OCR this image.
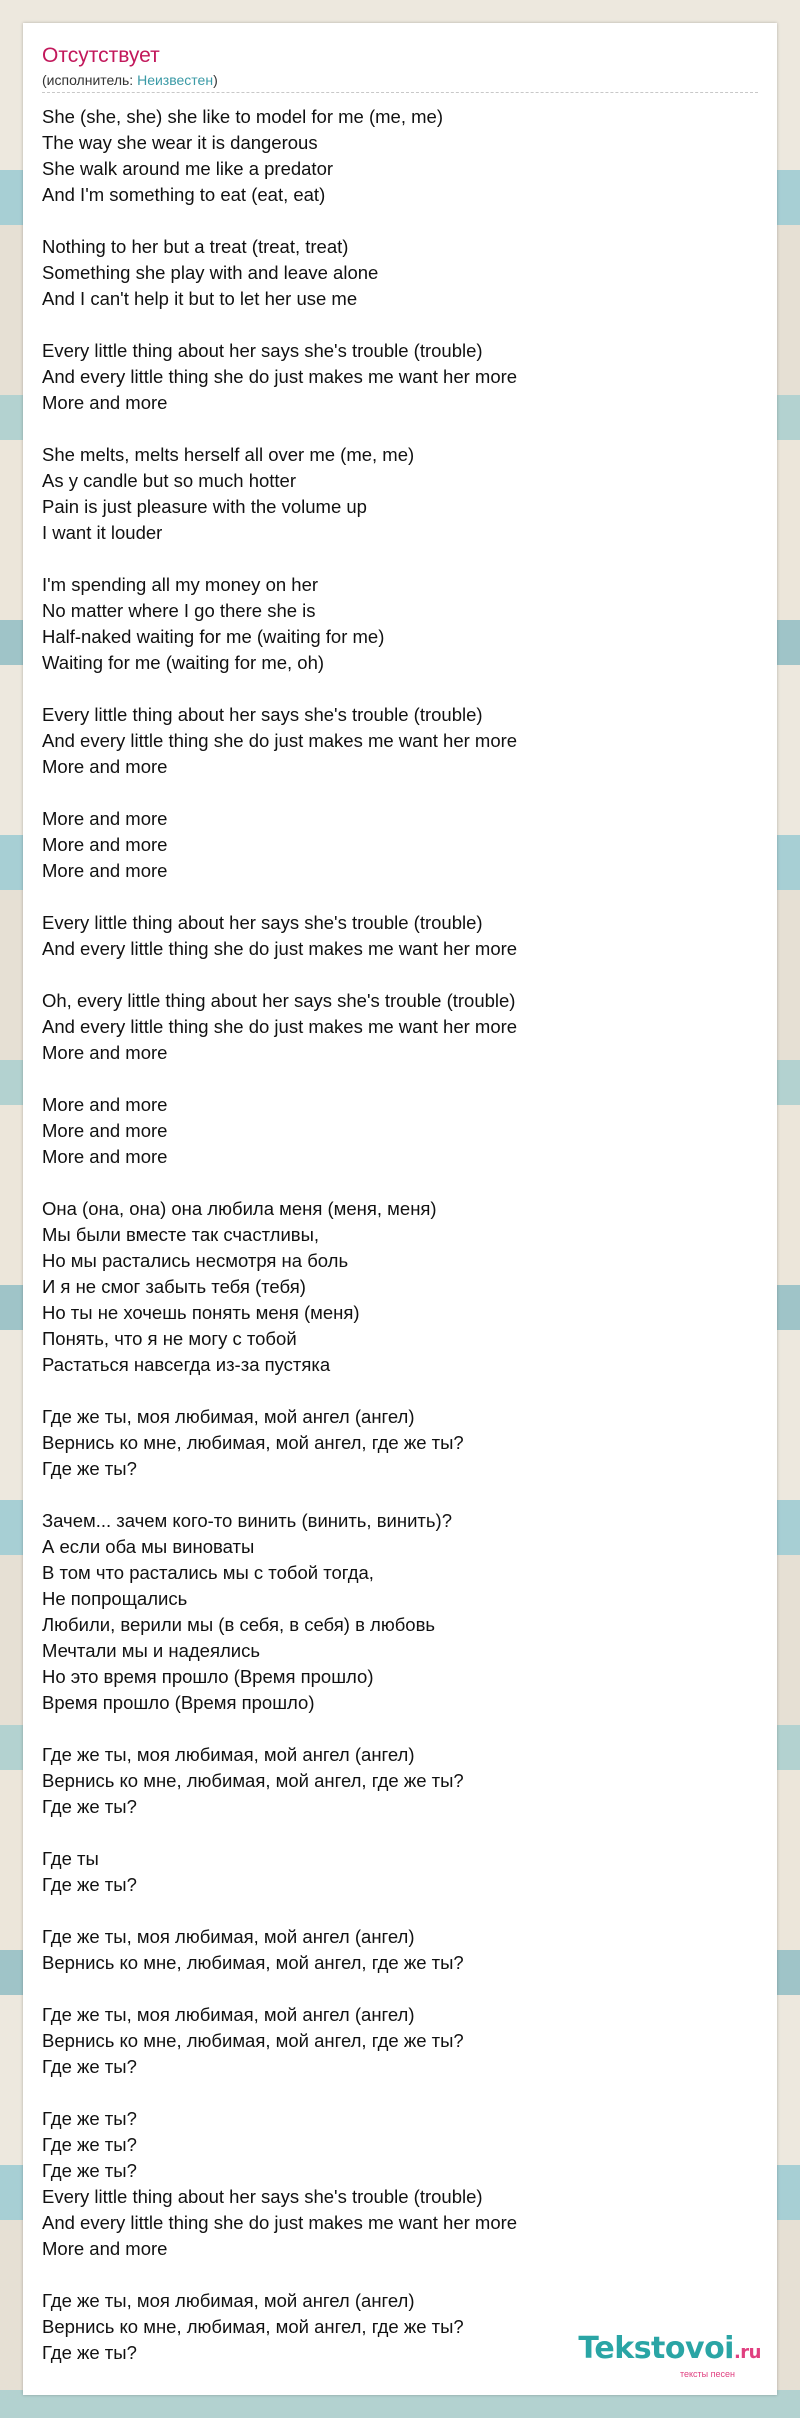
Отсутствует
(исполнитель: Неизвестен)
She (she, she) she like to model for me (me, me)
The way she wear it is dangerous
She walk around me like a predator
And I'm something to eat (eat, eat)
Nothing to her but a treat (treat, treat)
Something she play with and leave alone
And I can't help it but to let her use me
Every little thing about her says she's trouble (trouble)
And every little thing she do just makes me want her more
More and more
She melts, melts herself all over me (me, me)
As y candle but so much hotter
Pain is just pleasure with the volume up
I want it louder
I'm spending all my money on her
No matter where I go there she is
Half-naked waiting for me (waiting for me)
Waiting for me (waiting for me, oh)
Every little thing about her says she's trouble (trouble)
And every little thing she do just makes me want her more
More and more
More and more
More and more
More and more
Every little thing about her says she's trouble (trouble)
And every little thing she do just makes me want her more
Oh, every little thing about her says she's trouble (trouble)
And every little thing she do just makes me want her more
More and more
More and more
More and more
More and more
Она (она, она) она любила меня (меня, меня)
Мы были вместе так счастливы,
Но мы растались несмотря на боль
И я не смог забыть тебя (тебя)
Но ты не хочешь понять меня (меня)
Понять, что я не могу с тобой
Растаться навсегда из-за пустяка
Где же ты, моя любимая, мой ангел (ангел)
Вернись ко мне, любимая, мой ангел, где же ты?
Где же ты?
Зачем... зачем кого-то винить (винить, винить)?
А если оба мы виноваты
В том что растались мы с тобой тогда,
Не попрощались
Любили, верили мы (в себя, в себя) в любовь
Мечтали мы и надеялись
Но это время прошло (Время прошло)
Время прошло (Время прошло)
Где же ты, моя любимая, мой ангел (ангел)
Вернись ко мне, любимая, мой ангел, где же ты?
Где же ты?
Где ты
Где же ты?
Где же ты, моя любимая, мой ангел (ангел)
Вернись ко мне, любимая, мой ангел, где же ты?
Где же ты, моя любимая, мой ангел (ангел)
Вернись ко мне, любимая, мой ангел, где же ты?
Где же ты?
Где же ты?
Где же ты?
Где же ты?
Every little thing about her says she's trouble (trouble)
And every little thing she do just makes me want her more
More and more
Где же ты, моя любимая, мой ангел (ангел)
Вернись ко мне, любимая, мой ангел, где же ты?
Где же ты?	Tekstovoi.ru
тексты песен
